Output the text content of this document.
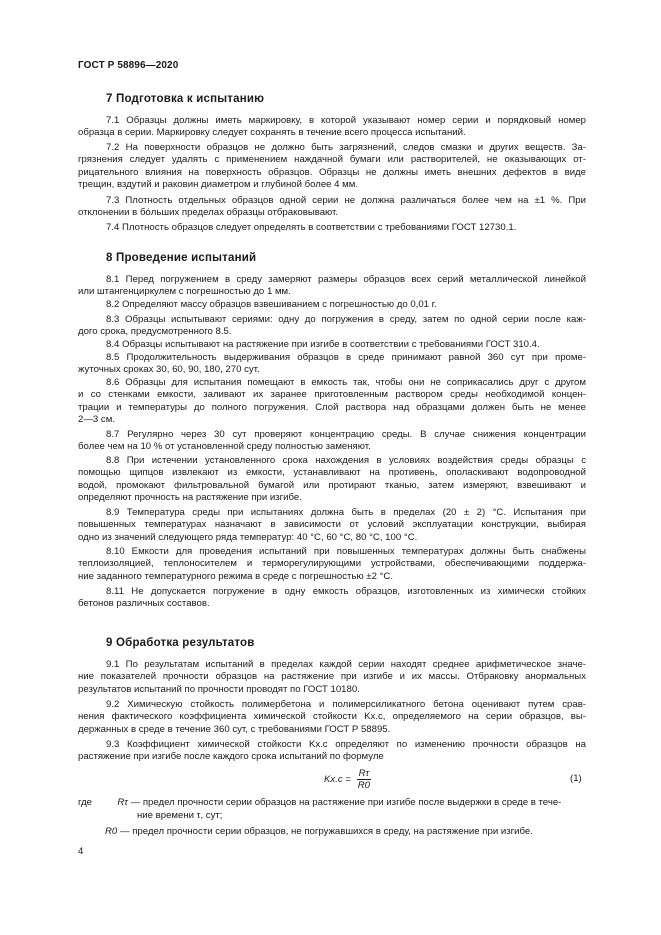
ГОСТ Р 58896—2020
7 Подготовка к испытанию
7.1 Образцы должны иметь маркировку, в которой указывают номер серии и порядковый номер
образца в серии. Маркировку следует сохранять в течение всего процесса испытаний.
7.2 На поверхности образцов не должно быть загрязнений, следов смазки и других веществ. За-
грязнения следует удалять с применением наждачной бумаги или растворителей, не оказывающих от-
рицательного влияния на поверхность образцов. Образцы не должны иметь внешних дефектов в виде
трещин, вздутий и раковин диаметром и глубиной более 4 мм.
7.3 Плотность отдельных образцов одной серии не должна различаться более чем на ±1 %. При
отклонении в бóльших пределах образцы отбраковывают.
7.4 Плотность образцов следует определять в соответствии с требованиями ГОСТ 12730.1.
8 Проведение испытаний
8.1 Перед погружением в среду замеряют размеры образцов всех серий металлической линейкой
или штангенциркулем с погрешностью до 1 мм.
8.2 Определяют массу образцов взвешиванием с погрешностью до 0,01 г.
8.3 Образцы испытывают сериями: одну до погружения в среду, затем по одной серии после каж-
дого срока, предусмотренного 8.5.
8.4 Образцы испытывают на растяжение при изгибе в соответствии с требованиями ГОСТ 310.4.
8.5 Продолжительность выдерживания образцов в среде принимают равной 360 сут при проме-
жуточных сроках 30, 60, 90, 180, 270 сут.
8.6 Образцы для испытания помещают в емкость так, чтобы они не соприкасались друг с другом
и со стенками емкости, заливают их заранее приготовленным раствором среды необходимой концен-
трации и температуры до полного погружения. Слой раствора над образцами должен быть не менее
2—3 см.
8.7 Регулярно через 30 сут проверяют концентрацию среды. В случае снижения концентрации
более чем на 10 % от установленной среду полностью заменяют.
8.8 При истечении установленного срока нахождения в условиях воздействия среды образцы с
помощью щипцов извлекают из емкости, устанавливают на противень, ополаскивают водопроводной
водой, промокают фильтровальной бумагой или протирают тканью, затем измеряют, взвешивают и
определяют прочность на растяжение при изгибе.
8.9 Температура среды при испытаниях должна быть в пределах (20 ± 2) °С. Испытания при
повышенных температурах назначают в зависимости от условий эксплуатации конструкции, выбирая
одно из значений следующего ряда температур: 40 °С, 60 °С, 80 °С, 100 °С.
8.10 Емкости для проведения испытаний при повышенных температурах должны быть снабжены
теплоизоляцией, теплоносителем и терморегулирующими устройствами, обеспечивающими поддержа-
ние заданного температурного режима в среде с погрешностью ±2 °С.
8.11 Не допускается погружение в одну емкость образцов, изготовленных из химически стойких
бетонов различных составов.
9 Обработка результатов
9.1 По результатам испытаний в пределах каждой серии находят среднее арифметическое значе-
ние показателей прочности образцов на растяжение при изгибе и их массы. Отбраковку анормальных
результатов испытаний по прочности проводят по ГОСТ 10180.
9.2 Химическую стойкость полимербетона и полимерсиликатного бетона оценивают путем срав-
нения фактического коэффициента химической стойкости Kх.с, определяемого на серии образцов, вы-
держанных в среде в течение 360 сут, с требованиями ГОСТ Р 58895.
9.3 Коэффициент химической стойкости Kх.с определяют по изменению прочности образцов на
растяжение при изгибе после каждого срока испытаний по формуле
$Kх.с = \frac{R\tau}{R0}$	(1)
где	Rτ — предел прочности серии образцов на растяжение при изгибе после выдержки в среде в тече-
ние времени τ, сут;
R0 — предел прочности серии образцов, не погружавшихся в среду, на растяжение при изгибе.
4
